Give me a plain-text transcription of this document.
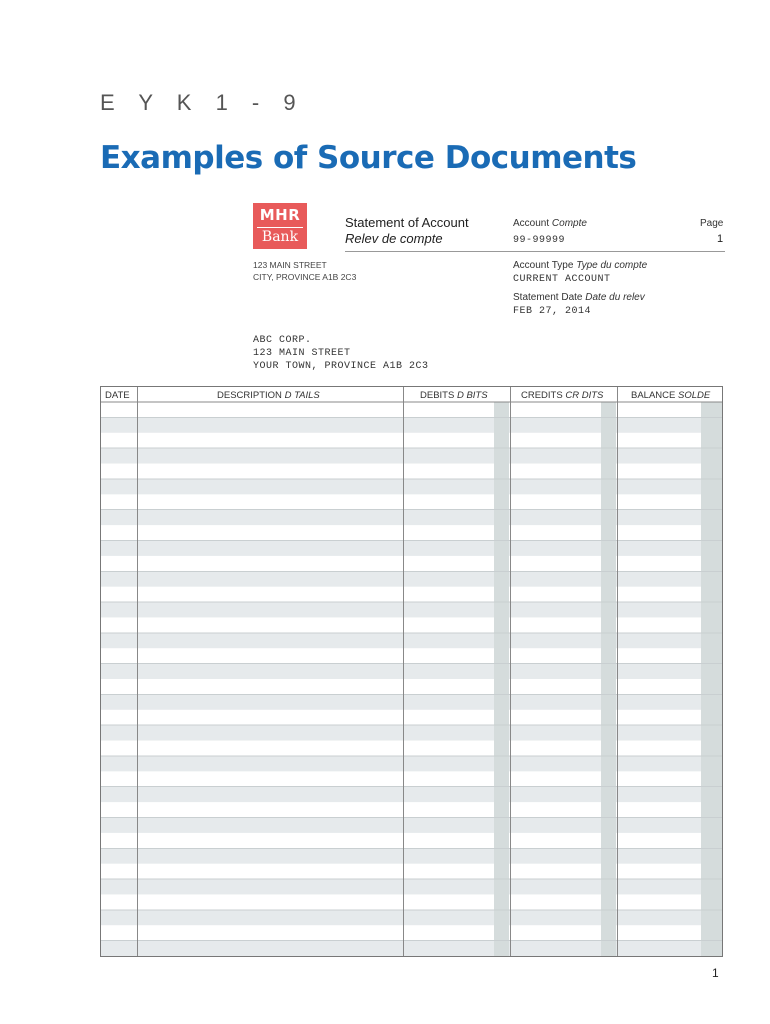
E Y K 1 - 9
Examples of Source Documents
MHR
Bank
Statement of Account
Relev de compte
Account Compte
99-99999
Page
1
123 MAIN STREET
CITY, PROVINCE A1B 2C3
Account Type Type du compte
CURRENT ACCOUNT
Statement Date Date du relev
FEB 27, 2014
ABC CORP.
123 MAIN STREET
YOUR TOWN, PROVINCE A1B 2C3
DATE	DESCRIPTION D TAILS	DEBITS D BITS	CREDITS CR DITS	BALANCE SOLDE
1
